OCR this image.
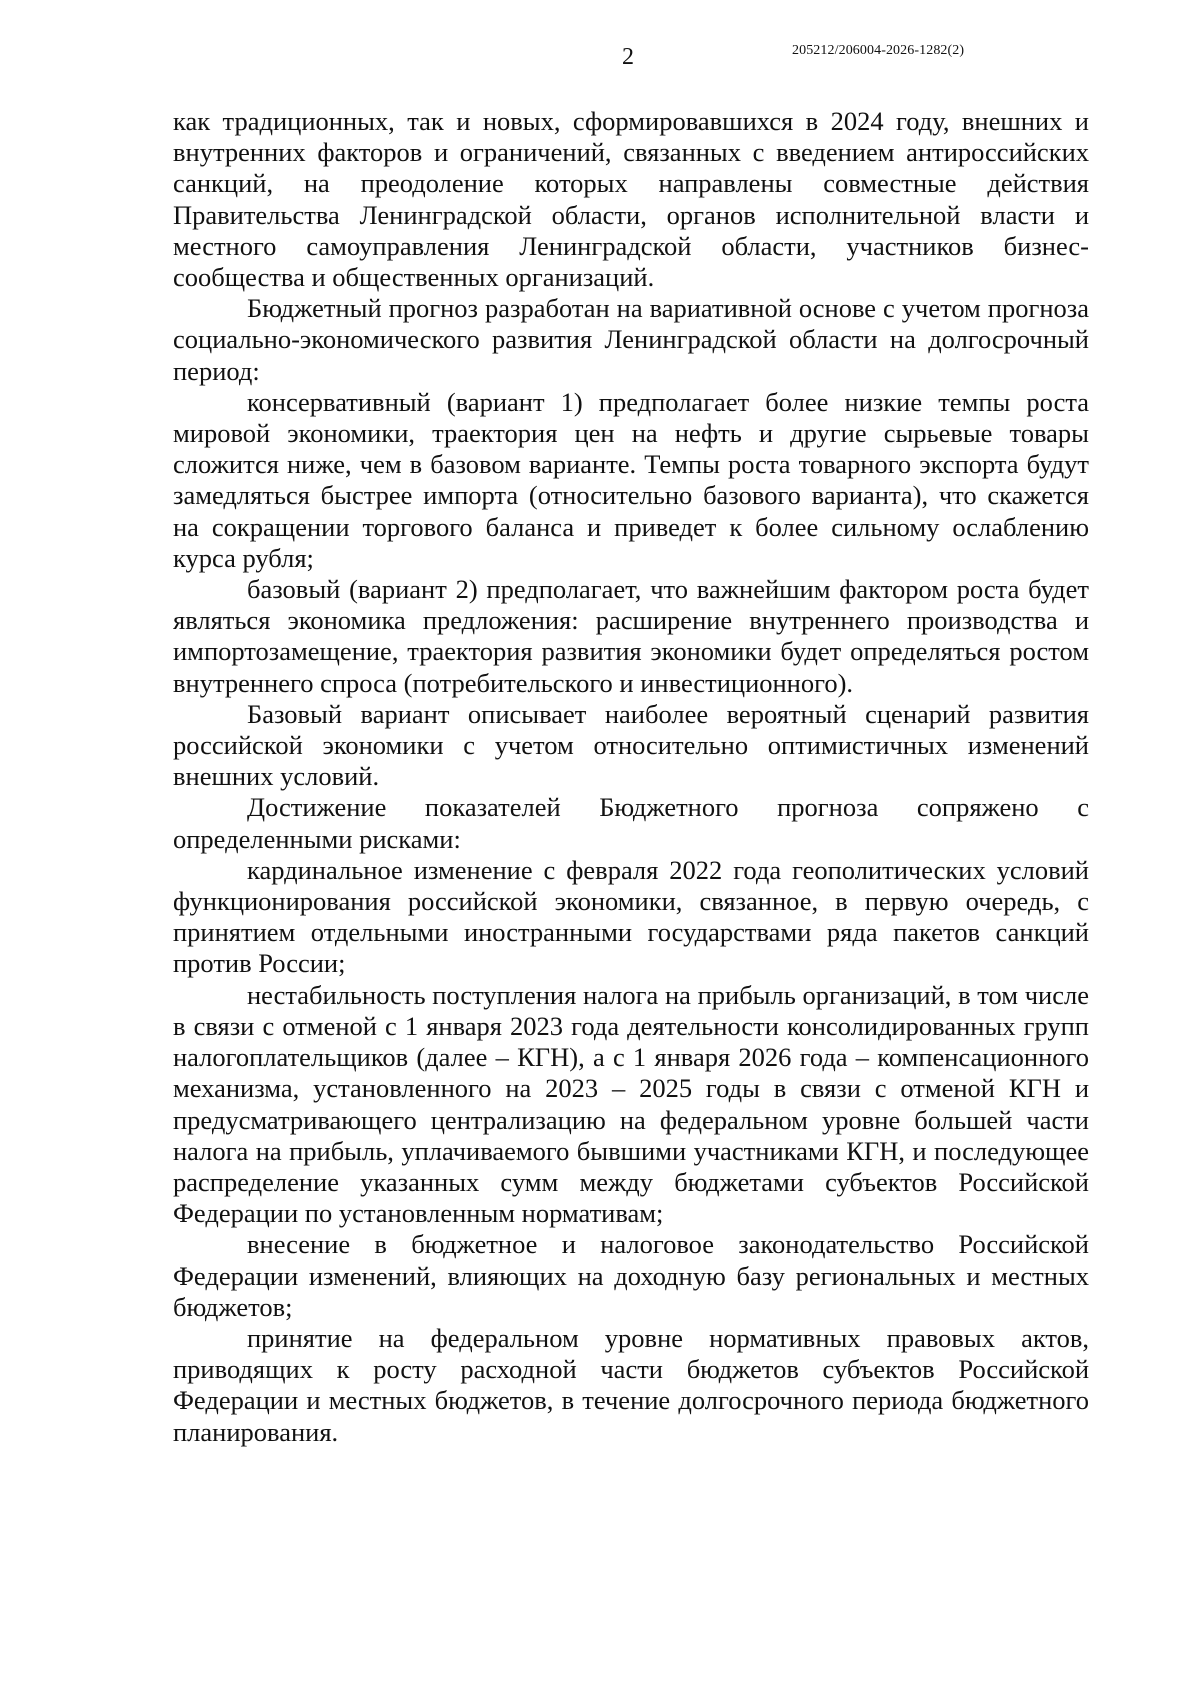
2	205212/206004-2026-1282(2)

как традиционных, так и новых, сформировавшихся в 2024 году, внешних и внутренних факторов и ограничений, связанных с введением антироссийских санкций, на преодоление которых направлены совместные действия Правительства Ленинградской области, органов исполнительной власти и местного самоуправления Ленинградской области, участников бизнес-сообщества и общественных организаций.

Бюджетный прогноз разработан на вариативной основе с учетом прогноза социально-экономического развития Ленинградской области на долгосрочный период:

консервативный (вариант 1) предполагает более низкие темпы роста мировой экономики, траектория цен на нефть и другие сырьевые товары сложится ниже, чем в базовом варианте. Темпы роста товарного экспорта будут замедляться быстрее импорта (относительно базового варианта), что скажется на сокращении торгового баланса и приведет к более сильному ослаблению курса рубля;

базовый (вариант 2) предполагает, что важнейшим фактором роста будет являться экономика предложения: расширение внутреннего производства и импортозамещение, траектория развития экономики будет определяться ростом внутреннего спроса (потребительского и инвестиционного).

Базовый вариант описывает наиболее вероятный сценарий развития российской экономики с учетом относительно оптимистичных изменений внешних условий.

Достижение показателей Бюджетного прогноза сопряжено с определенными рисками:

кардинальное изменение с февраля 2022 года геополитических условий функционирования российской экономики, связанное, в первую очередь, с принятием отдельными иностранными государствами ряда пакетов санкций против России;

нестабильность поступления налога на прибыль организаций, в том числе в связи с отменой с 1 января 2023 года деятельности консолидированных групп налогоплательщиков (далее – КГН), а с 1 января 2026 года – компенсационного механизма, установленного на 2023 – 2025 годы в связи с отменой КГН и предусматривающего централизацию на федеральном уровне большей части налога на прибыль, уплачиваемого бывшими участниками КГН, и последующее распределение указанных сумм между бюджетами субъектов Российской Федерации по установленным нормативам;

внесение в бюджетное и налоговое законодательство Российской Федерации изменений, влияющих на доходную базу региональных и местных бюджетов;

принятие на федеральном уровне нормативных правовых актов, приводящих к росту расходной части бюджетов субъектов Российской Федерации и местных бюджетов, в течение долгосрочного периода бюджетного планирования.
